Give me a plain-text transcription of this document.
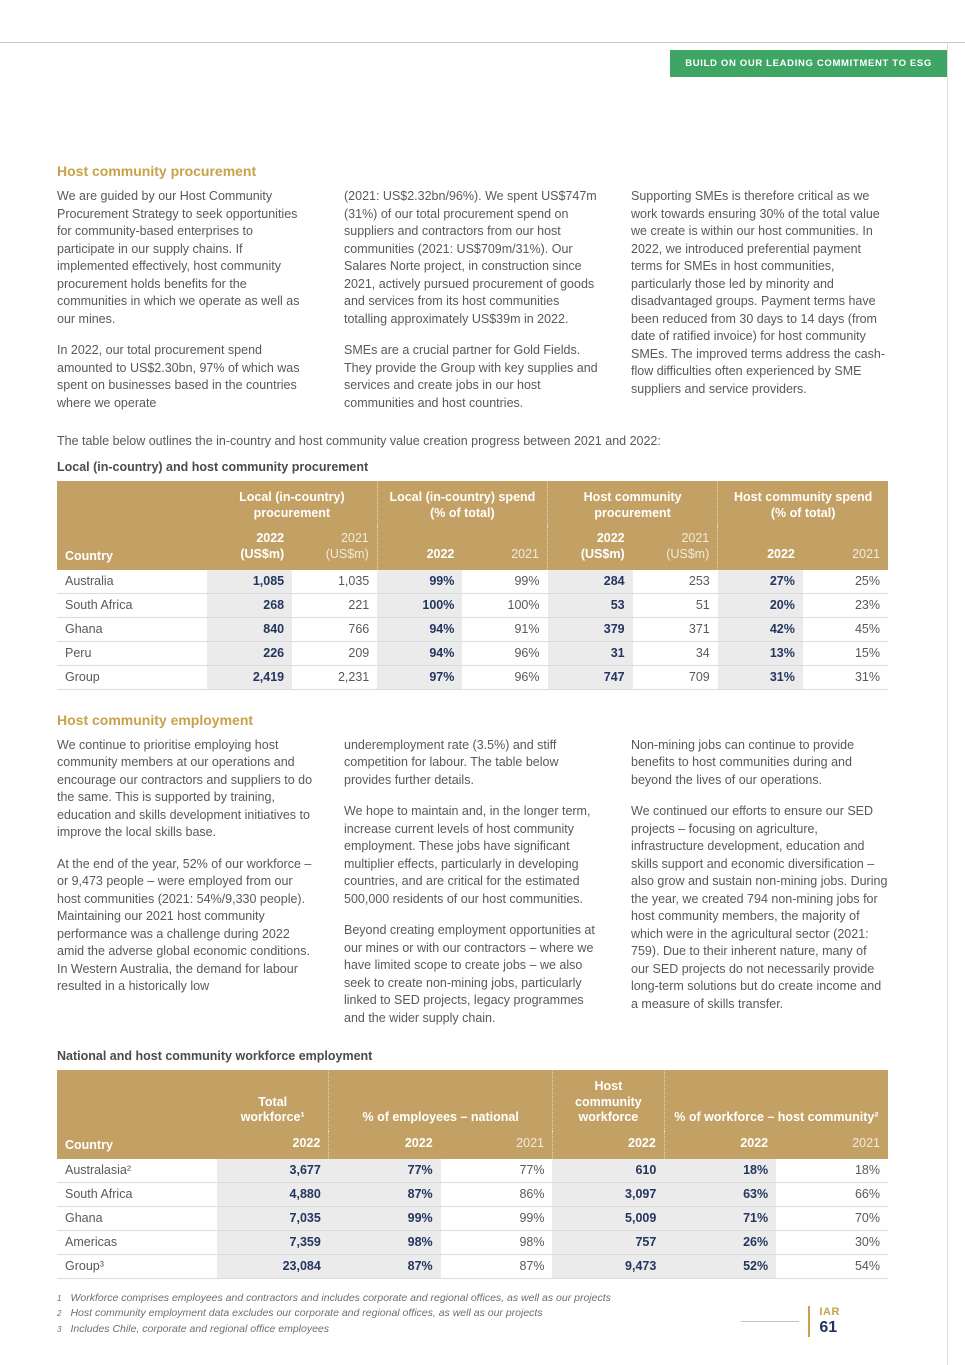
BUILD ON OUR LEADING COMMITMENT TO ESG
Host community procurement

We are guided by our Host Community Procurement Strategy to seek opportunities for community-based enterprises to participate in our supply chains. If implemented effectively, host community procurement holds benefits for the communities in which we operate as well as our mines.

In 2022, our total procurement spend amounted to US$2.30bn, 97% of which was spent on businesses based in the countries where we operate

(2021: US$2.32bn/96%). We spent US$747m (31%) of our total procurement spend on suppliers and contractors from our host communities (2021: US$709m/31%). Our Salares Norte project, in construction since 2021, actively pursued procurement of goods and services from its host communities totalling approximately US$39m in 2022.

SMEs are a crucial partner for Gold Fields. They provide the Group with key supplies and services and create jobs in our host communities and host countries.

Supporting SMEs is therefore critical as we work towards ensuring 30% of the total value we create is within our host communities. In 2022, we introduced preferential payment terms for SMEs in host communities, particularly those led by minority and disadvantaged groups. Payment terms have been reduced from 30 days to 14 days (from date of ratified invoice) for host community SMEs. The improved terms address the cash-flow difficulties often experienced by SME suppliers and service providers.

The table below outlines the in-country and host community value creation progress between 2021 and 2022:

Local (in-country) and host community procurement
Country	Local (in-country) procurement		Local (in-country) spend (% of total)		Host community procurement		Host community spend (% of total)	
	2022 (US$m)	2021 (US$m)	2022	2021	2022 (US$m)	2021 (US$m)	2022	2021
Australia	1,085	1,035	99%	99%	284	253	27%	25%
South Africa	268	221	100%	100%	53	51	20%	23%
Ghana	840	766	94%	91%	379	371	42%	45%
Peru	226	209	94%	96%	31	34	13%	15%
Group	2,419	2,231	97%	96%	747	709	31%	31%
Host community employment

We continue to prioritise employing host community members at our operations and encourage our contractors and suppliers to do the same. This is supported by training, education and skills development initiatives to improve the local skills base.

At the end of the year, 52% of our workforce – or 9,473 people – were employed from our host communities (2021: 54%/9,330 people). Maintaining our 2021 host community performance was a challenge during 2022 amid the adverse global economic conditions. In Western Australia, the demand for labour resulted in a historically low

underemployment rate (3.5%) and stiff competition for labour. The table below provides further details.

We hope to maintain and, in the longer term, increase current levels of host community employment. These jobs have significant multiplier effects, particularly in developing countries, and are critical for the estimated 500,000 residents of our host communities.

Beyond creating employment opportunities at our mines or with our contractors – where we have limited scope to create jobs – we also seek to create non-mining jobs, particularly linked to SED projects, legacy programmes and the wider supply chain.

Non-mining jobs can continue to provide benefits to host communities during and beyond the lives of our operations.

We continued our efforts to ensure our SED projects – focusing on agriculture, infrastructure development, education and skills support and economic diversification – also grow and sustain non-mining jobs. During the year, we created 794 non-mining jobs for host community members, the majority of which were in the agricultural sector (2021: 759). Due to their inherent nature, many of our SED projects do not necessarily provide long-term solutions but do create income and a measure of skills transfer.

National and host community workforce employment
Country	Total workforce¹	% of employees – national		Host community workforce	% of workforce – host community²	
	2022	2022	2021	2022	2022	2021
Australasia²	3,677	77%	77%	610	18%	18%
South Africa	4,880	87%	86%	3,097	63%	66%
Ghana	7,035	99%	99%	5,009	71%	70%
Americas	7,359	98%	98%	757	26%	30%
Group³	23,084	87%	87%	9,473	52%	54%
1 Workforce comprises employees and contractors and includes corporate and regional offices, as well as our projects
2 Host community employment data excludes our corporate and regional offices, as well as our projects
3 Includes Chile, corporate and regional office employees
IAR
61
